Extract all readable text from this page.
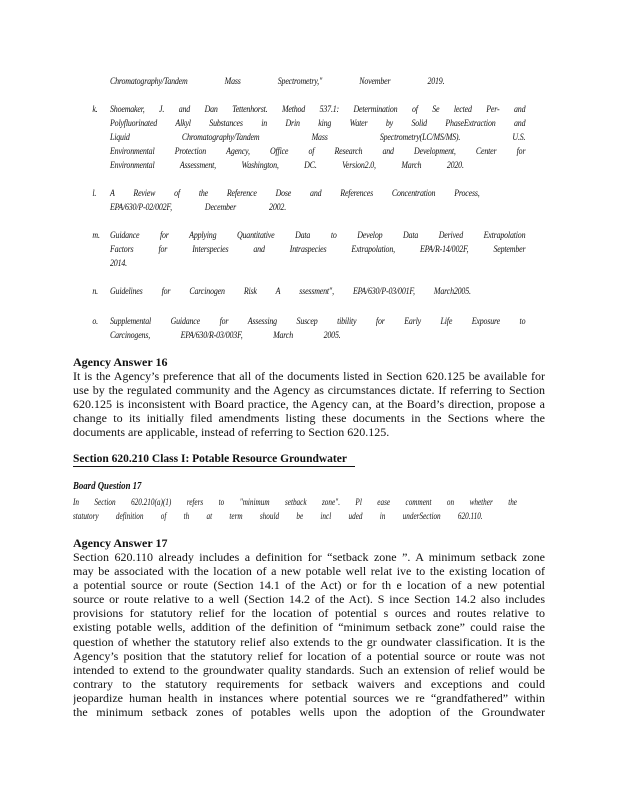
Chromatography/Tandem Mass Spectrometry," November 2019.
k. Shoemaker, J. and Dan Tettenhorst. Method 537.1: Determination of Se lected Per- and
Polyfluorinated Alkyl Substances in Drin king Water by Solid PhaseExtraction and
Liquid Chromatography/Tandem Mass Spectrometry(LC/MS/MS). U.S.
Environmental Protection Agency, Office of Research and Development, Center for
Environmental Assessment, Washington, DC. Version2.0, March 2020.
l. A Review of the Reference Dose and References Concentration Process,
EPA/630/P-02/002F, December 2002.
m. Guidance for Applying Quantitative Data to Develop Data Derived Extrapolation
Factors for Interspecies and Intraspecies Extrapolation, EPA/R-14/002F, September
2014.
n. Guidelines for Carcinogen Risk A ssessment", EPA/630/P-03/001F, March2005.
o. Supplemental Guidance for Assessing Suscep tibility for Early Life Exposure to
Carcinogens, EPA/630/R-03/003F, March 2005.
Agency Answer 16
It is the Agency’s preference that all of the documents listed in Section 620.125 be available for
use by the regulated community and the Agency as circumstances dictate. If referring to Section
620.125 is inconsistent with Board practice, the Agency can, at the Board’s direction, propose a
change to its initially filed amendments listing these documents in the Sections where the
documents are applicable, instead of referring to Section 620.125.
Section 620.210 Class I: Potable Resource Groundwater
Board Question 17
In Section 620.210(a)(1) refers to "minimum setback zone". Pl ease comment on whether the
statutory definition of th at term should be incl uded in underSection 620.110.
Agency Answer 17
Section 620.110 already includes a definition for “setback zone ”. A minimum setback zone
may be associated with the location of a new potable well relat ive to the existing location of
a potential source or route (Section 14.1 of the Act) or for th e location of a new potential
source or route relative to a well (Section 14.2 of the Act). S ince Section 14.2 also includes
provisions for statutory relief for the location of potential s ources and routes relative to
existing potable wells, addition of the definition of “minimum setback zone” could raise the
question of whether the statutory relief also extends to the gr oundwater classification. It is the
Agency’s position that the statutory relief for location of a potential source or route was not
intended to extend to the groundwater quality standards. Such an extension of relief would be
contrary to the statutory requirements for setback waivers and exceptions and could
jeopardize human health in instances where potential sources we re “grandfathered” within
the minimum setback zones of potables wells upon the adoption of the Groundwater
